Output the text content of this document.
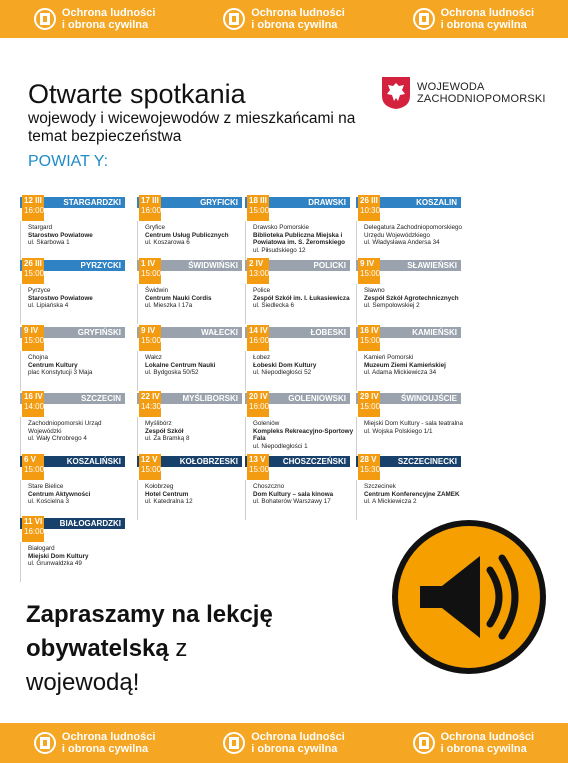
Ochrona ludności
i obrona cywilna
Ochrona ludności
i obrona cywilna
Ochrona ludności
i obrona cywilna
Otwarte spotkania
wojewody i wicewojewodów z mieszkańcami na temat bezpieczeństwa
POWIAT Y:
WOJEWODA
ZACHODNIOPOMORSKI
STARGARDZKI
12 III
16:00
Stargard
Starostwo Powiatowe
ul. Skarbowa 1
GRYFICKI
17 III
16:00
Gryfice
Centrum Usług Publicznych
ul. Koszarowa 6
DRAWSKI
18 III
15:00
Drawsko Pomorskie
Biblioteka Publiczna Miejska i Powiatowa im. S. Żeromskiego
ul. Piłsudskiego 12
KOSZALIN
26 III
10:30
Delegatura Zachodniopomorskiego Urzędu Wojewódzkiego
ul. Władysława Andersa 34
PYRZYCKI
26 III
15:00
Pyrzyce
Starostwo Powiatowe
ul. Lipiańska 4
ŚWIDWIŃSKI
1 IV
15:00
Świdwin
Centrum Nauki Cordis
ul. Mieszka I 17a
POLICKI
2 IV
13:00
Police
Zespół Szkół im. I. Łukasiewicza
ul. Siedlecka 6
SŁAWIEŃSKI
9 IV
15:00
Sławno
Zespół Szkół Agrotechnicznych
ul. Sempołowskiej 2
GRYFIŃSKI
9 IV
15:00
Chojna
Centrum Kultury
plac Konstytucji 3 Maja
WAŁECKI
9 IV
15:00
Wałcz
Lokalne Centrum Nauki
ul. Bydgoska 50/52
ŁOBESKI
14 IV
16:00
Łobez
Łobeski Dom Kultury
ul. Niepodległości 52
KAMIEŃSKI
16 IV
15:00
Kamień Pomorski
Muzeum Ziemi Kamieńskiej
ul. Adama Mickiewicza 34
SZCZECIN
16 IV
14:00
Zachodniopomorski Urząd Wojewódzki
ul. Wały Chrobrego 4
MYŚLIBORSKI
22 IV
14:30
Myślibórz
Zespół Szkół
ul. Za Bramką 8
GOLENIOWSKI
20 IV
16:00
Goleniów
Kompleks Rekreacyjno-Sportowy Fala
ul. Niepodległości 1
ŚWINOUJŚCIE
29 IV
15:00
Miejski Dom Kultury - sala teatralna
ul. Wojska Polskiego 1/1
KOSZALIŃSKI
6 V
15:00
Stare Bielice
Centrum Aktywności
ul. Kościelna 3
KOŁOBRZESKI
12 V
15:00
Kołobrzeg
Hotel Centrum
ul. Katedralna 12
CHOSZCZEŃSKI
13 V
15:00
Choszczno
Dom Kultury – sala kinowa
ul. Bohaterów Warszawy 17
SZCZECINECKI
28 V
15:30
Szczecinek
Centrum Konferencyjne ZAMEK
ul. A Mickiewicza 2
BIAŁOGARDZKI
11 VI
16:00
Białogard
Miejski Dom Kultury
ul. Grunwaldzka 49
Zapraszamy na lekcję
obywatelską z
wojewodą!
Ochrona ludności
i obrona cywilna
Ochrona ludności
i obrona cywilna
Ochrona ludności
i obrona cywilna
